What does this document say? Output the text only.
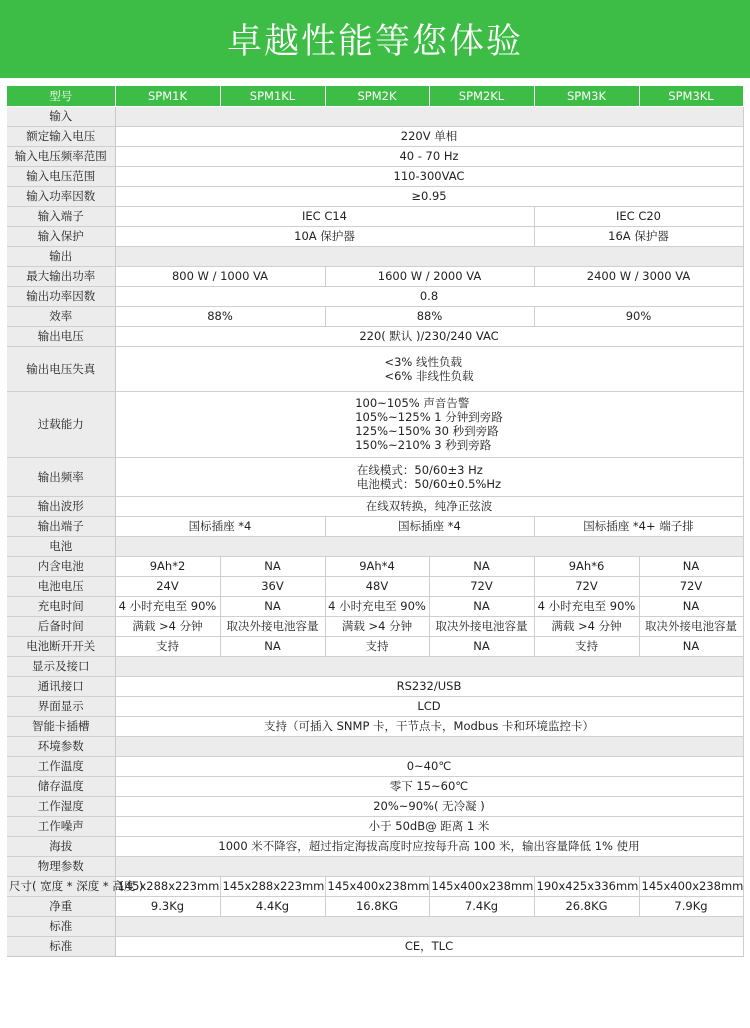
卓越性能等您体验
型号	SPM1K	SPM1KL	SPM2K	SPM2KL	SPM3K	SPM3KL
输入						
额定输入电压	220V 单相					
输入电压频率范围	40 - 70 Hz					
输入电压范围	110-300VAC					
输入功率因数	≥0.95					
输入端子	IEC C14				IEC C20	
输入保护	10A 保护器				16A 保护器	
输出						
最大输出功率	800 W / 1000 VA		1600 W / 2000 VA		2400 W / 3000 VA	
输出功率因数	0.8					
效率	88%		88%		90%	
输出电压	220( 默认 )/230/240 VAC					
输出电压失真	<3% 线性负载
<6% 非线性负载					

过载能力	100~105% 声音告警
105%~125% 1 分钟到旁路
125%~150% 30 秒到旁路
150%~210% 3 秒到旁路					

输出频率	在线模式：50/60±3 Hz
电池模式：50/60±0.5%Hz					

输出波形	在线双转换，纯净正弦波					
输出端子	国标插座 *4		国标插座 *4		国标插座 *4+ 端子排	
电池						
内含电池	9Ah*2	NA	9Ah*4	NA	9Ah*6	NA
电池电压	24V	36V	48V	72V	72V	72V
充电时间	4 小时充电至 90%	NA	4 小时充电至 90%	NA	4 小时充电至 90%	NA
后备时间	满载 >4 分钟	取决外接电池容量	满载 >4 分钟	取决外接电池容量	满载 >4 分钟	取决外接电池容量
电池断开开关	支持	NA	支持	NA	支持	NA
显示及接口						
通讯接口	RS232/USB					
界面显示	LCD					
智能卡插槽	支持（可插入 SNMP 卡，干节点卡，Modbus 卡和环境监控卡）					
环境参数						
工作温度	0~40℃					
储存温度	零下 15~60℃					
工作湿度	20%~90%( 无冷凝 )					
工作噪声	小于 50dB@ 距离 1 米					
海拔	1000 米不降容，超过指定海拔高度时应按每升高 100 米，输出容量降低 1% 使用					
物理参数						
尺寸( 宽度 * 深度 * 高度 )	145x288x223mm	145x288x223mm	145x400x238mm	145x400x238mm	190x425x336mm	145x400x238mm
净重	9.3Kg	4.4Kg	16.8KG	7.4Kg	26.8KG	7.9Kg
标准						
标准	CE，TLC					
